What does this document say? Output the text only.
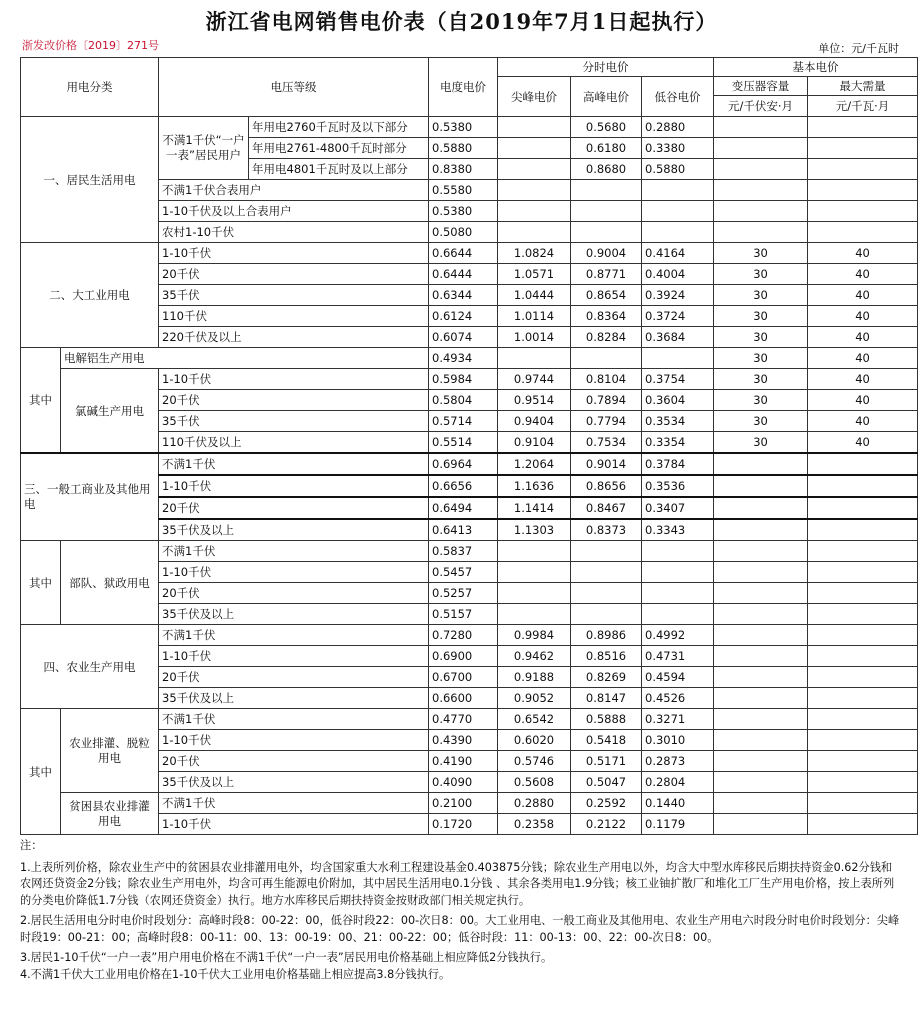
浙江省电网销售电价表（自2019年7月1日起执行）
浙发改价格〔2019〕271号	单位：元/千瓦时
用电分类		电压等级		电度电价	分时电价			基本电价	
					尖峰电价	高峰电价	低谷电价	变压器容量	最大需量
								元/千伏安·月	元/千瓦·月
一、居民生活用电		不满1千伏“一户一表”居民用户	年用电2760千瓦时及以下部分	0.5380		0.5680	0.2880		
			年用电2761-4800千瓦时部分	0.5880		0.6180	0.3380		
			年用电4801千瓦时及以上部分	0.8380		0.8680	0.5880		
		不满1千伏合表用户		0.5580					
		1-10千伏及以上合表用户		0.5380					
		农村1-10千伏		0.5080					
二、大工业用电		1-10千伏		0.6644	1.0824	0.9004	0.4164	30	40
		20千伏		0.6444	1.0571	0.8771	0.4004	30	40
		35千伏		0.6344	1.0444	0.8654	0.3924	30	40
		110千伏		0.6124	1.0114	0.8364	0.3724	30	40
		220千伏及以上		0.6074	1.0014	0.8284	0.3684	30	40
其中	电解铝生产用电			0.4934				30	40
	氯碱生产用电	1-10千伏		0.5984	0.9744	0.8104	0.3754	30	40
		20千伏		0.5804	0.9514	0.7894	0.3604	30	40
		35千伏		0.5714	0.9404	0.7794	0.3534	30	40
		110千伏及以上		0.5514	0.9104	0.7534	0.3354	30	40
三、一般工商业及其他用电		不满1千伏		0.6964	1.2064	0.9014	0.3784		
		1-10千伏		0.6656	1.1636	0.8656	0.3536		
		20千伏		0.6494	1.1414	0.8467	0.3407		
		35千伏及以上		0.6413	1.1303	0.8373	0.3343		
其中	部队、狱政用电	不满1千伏		0.5837					
		1-10千伏		0.5457					
		20千伏		0.5257					
		35千伏及以上		0.5157					
四、农业生产用电		不满1千伏		0.7280	0.9984	0.8986	0.4992		
		1-10千伏		0.6900	0.9462	0.8516	0.4731		
		20千伏		0.6700	0.9188	0.8269	0.4594		
		35千伏及以上		0.6600	0.9052	0.8147	0.4526		
其中	农业排灌、脱粒用电	不满1千伏		0.4770	0.6542	0.5888	0.3271		
		1-10千伏		0.4390	0.6020	0.5418	0.3010		
		20千伏		0.4190	0.5746	0.5171	0.2873		
		35千伏及以上		0.4090	0.5608	0.5047	0.2804		
	贫困县农业排灌用电	不满1千伏		0.2100	0.2880	0.2592	0.1440		
		1-10千伏		0.1720	0.2358	0.2122	0.1179		

注：

1.上表所列价格，除农业生产中的贫困县农业排灌用电外，均含国家重大水利工程建设基金0.403875分钱；除农业生产用电以外，均含大中型水库移民后期扶持资金0.62分钱和农网还贷资金2分钱；除农业生产用电外，均含可再生能源电价附加，其中居民生活用电0.1分钱 、其余各类用电1.9分钱；核工业铀扩散厂和堆化工厂生产用电价格，按上表所列的分类电价降低1.7分钱（农网还贷资金）执行。地方水库移民后期扶持资金按财政部门相关规定执行。

2.居民生活用电分时电价时段划分：高峰时段8：00-22：00，低谷时段22：00-次日8：00。大工业用电、一般工商业及其他用电、农业生产用电六时段分时电价时段划分：尖峰时段19：00-21：00；高峰时段8：00-11：00、13：00-19：00、21：00-22：00；低谷时段：11：00-13：00、22：00-次日8：00。

3.居民1-10千伏“一户一表”用户用电价格在不满1千伏“一户一表”居民用电价格基础上相应降低2分钱执行。

4.不满1千伏大工业用电价格在1-10千伏大工业用电价格基础上相应提高3.8分钱执行。
